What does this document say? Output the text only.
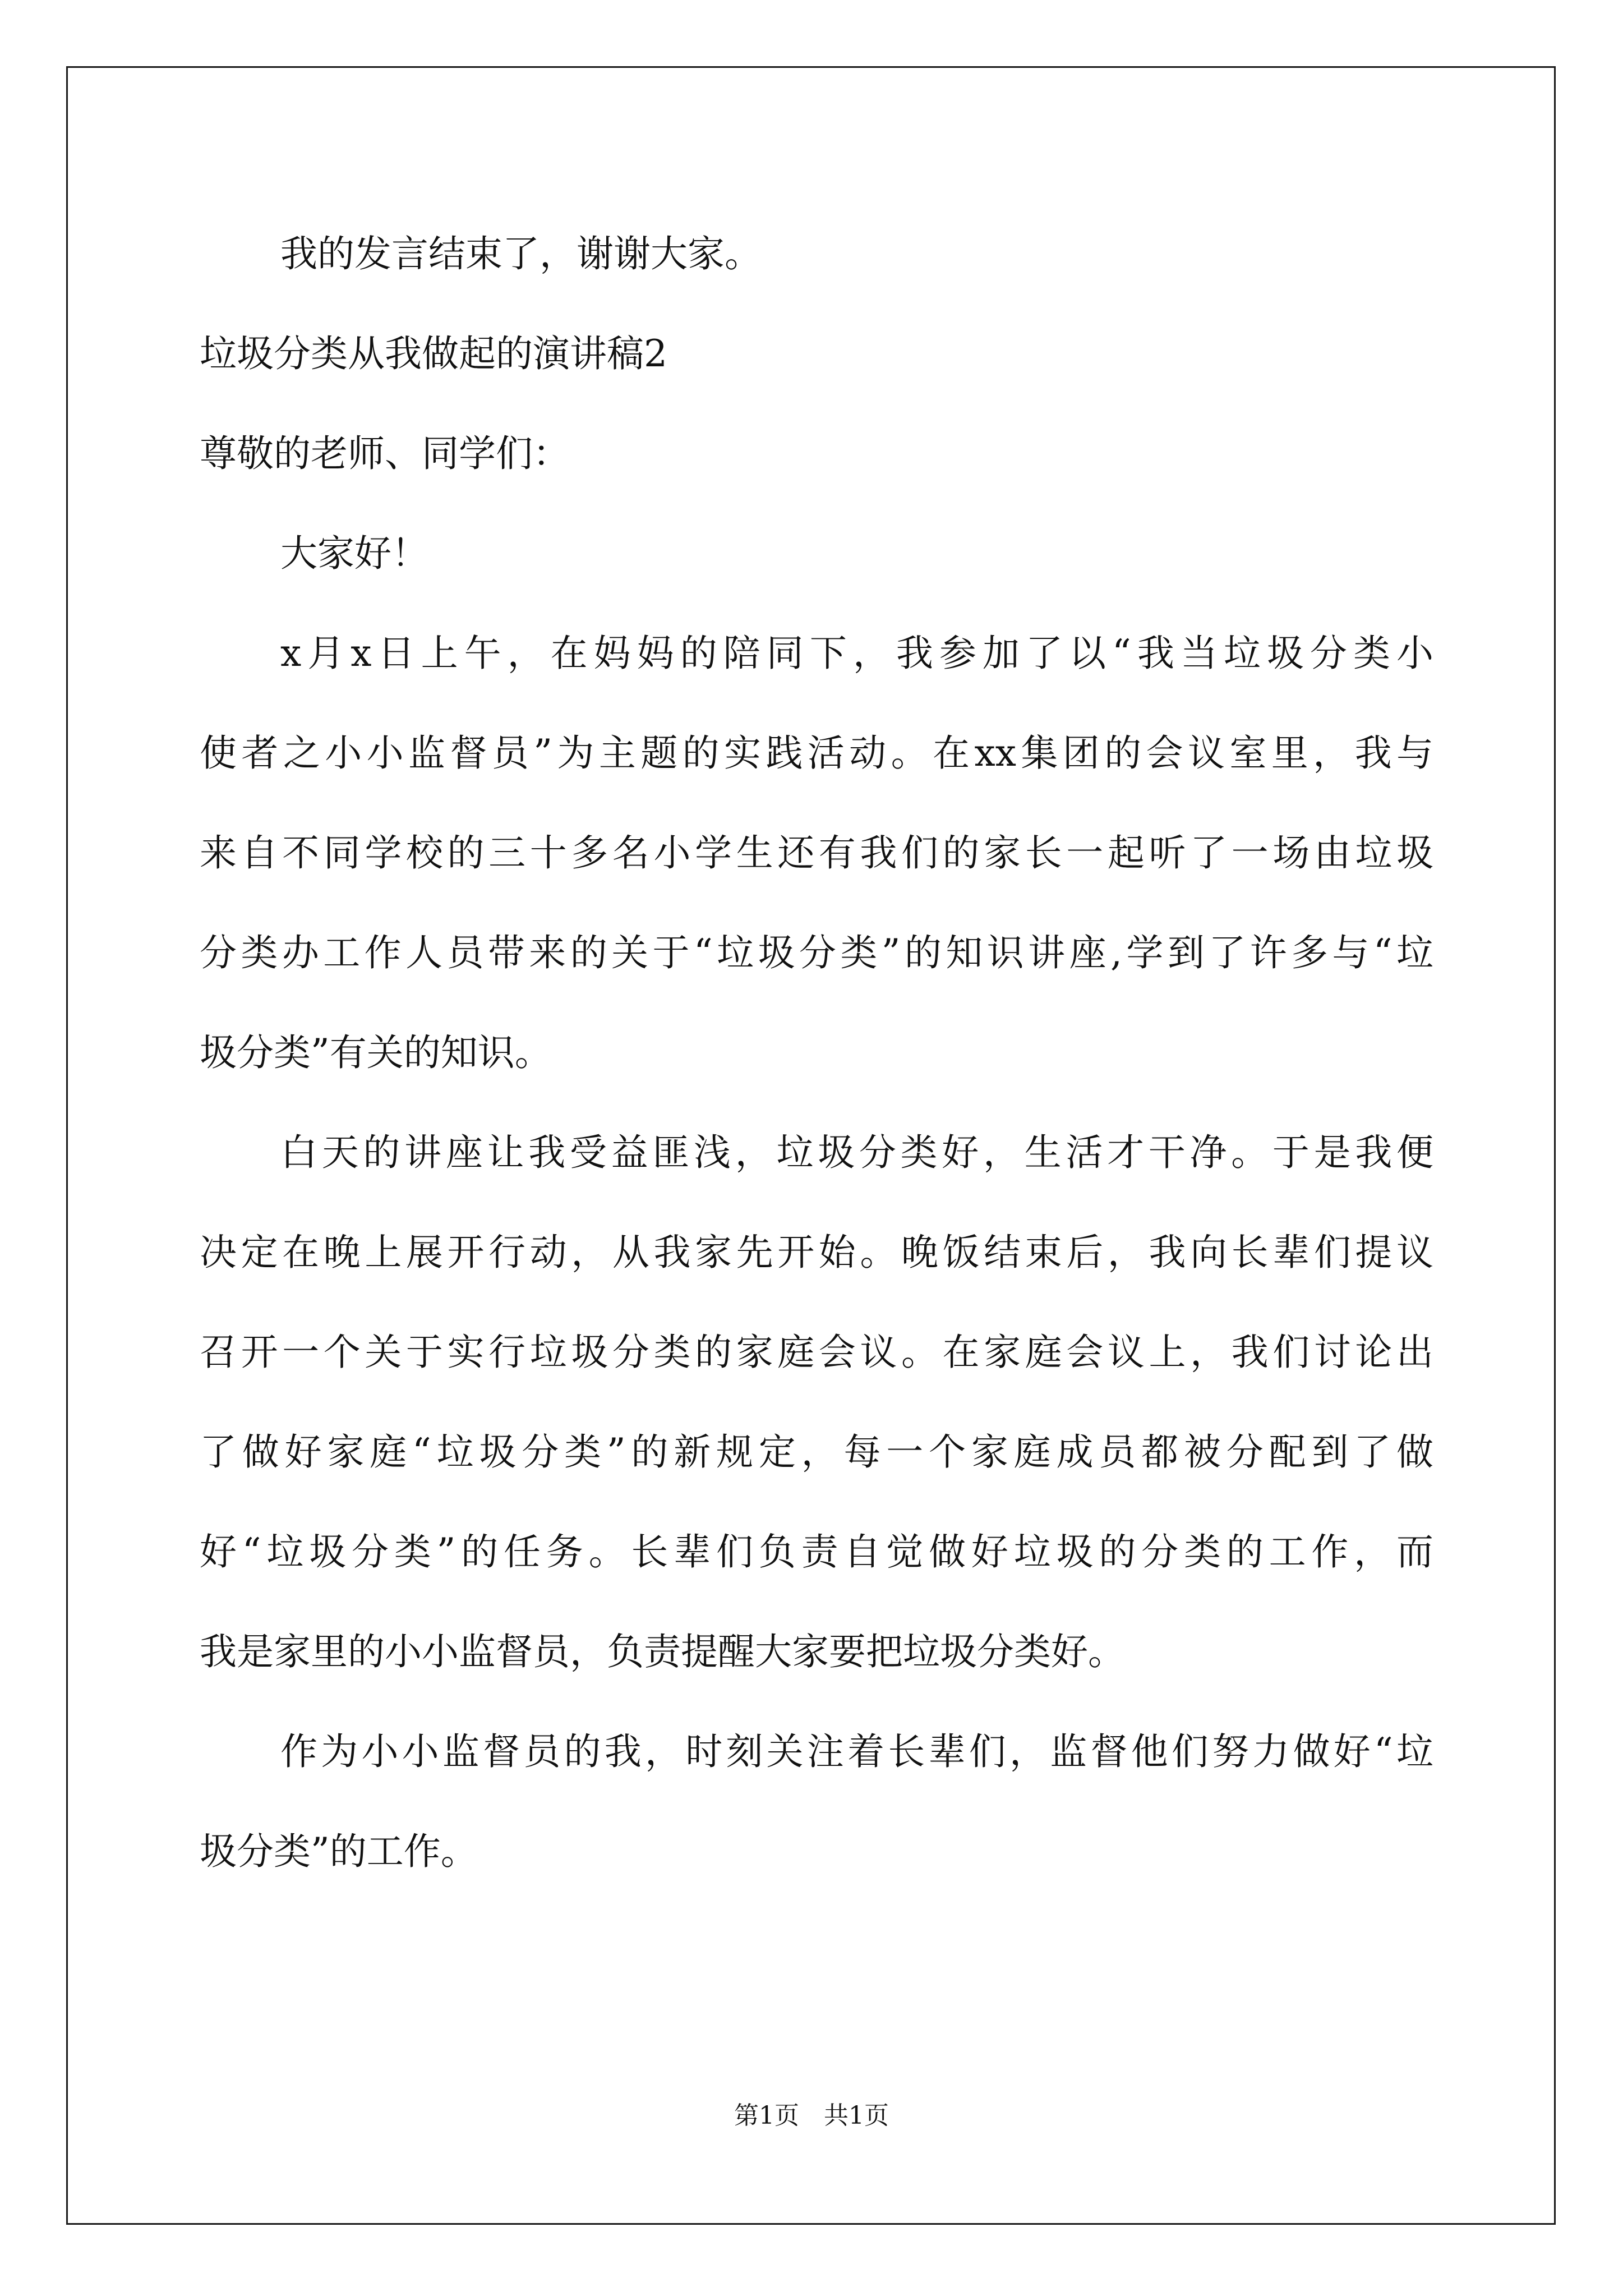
我的发言结束了，谢谢大家。
垃圾分类从我做起的演讲稿2
尊敬的老师、同学们：
大家好！
x月x日上午，在妈妈的陪同下，我参加了以“我当垃圾分类小
使者之小小监督员”为主题的实践活动。在xx集团的会议室里，我与
来自不同学校的三十多名小学生还有我们的家长一起听了一场由垃圾
分类办工作人员带来的关于“垃圾分类”的知识讲座,学到了许多与“垃
圾分类”有关的知识。
白天的讲座让我受益匪浅，垃圾分类好，生活才干净。于是我便
决定在晚上展开行动，从我家先开始。晚饭结束后，我向长辈们提议
召开一个关于实行垃圾分类的家庭会议。在家庭会议上，我们讨论出
了做好家庭“垃圾分类”的新规定，每一个家庭成员都被分配到了做
好“垃圾分类”的任务。长辈们负责自觉做好垃圾的分类的工作，而
我是家里的小小监督员，负责提醒大家要把垃圾分类好。
作为小小监督员的我，时刻关注着长辈们，监督他们努力做好“垃
圾分类”的工作。
第1页　共1页
